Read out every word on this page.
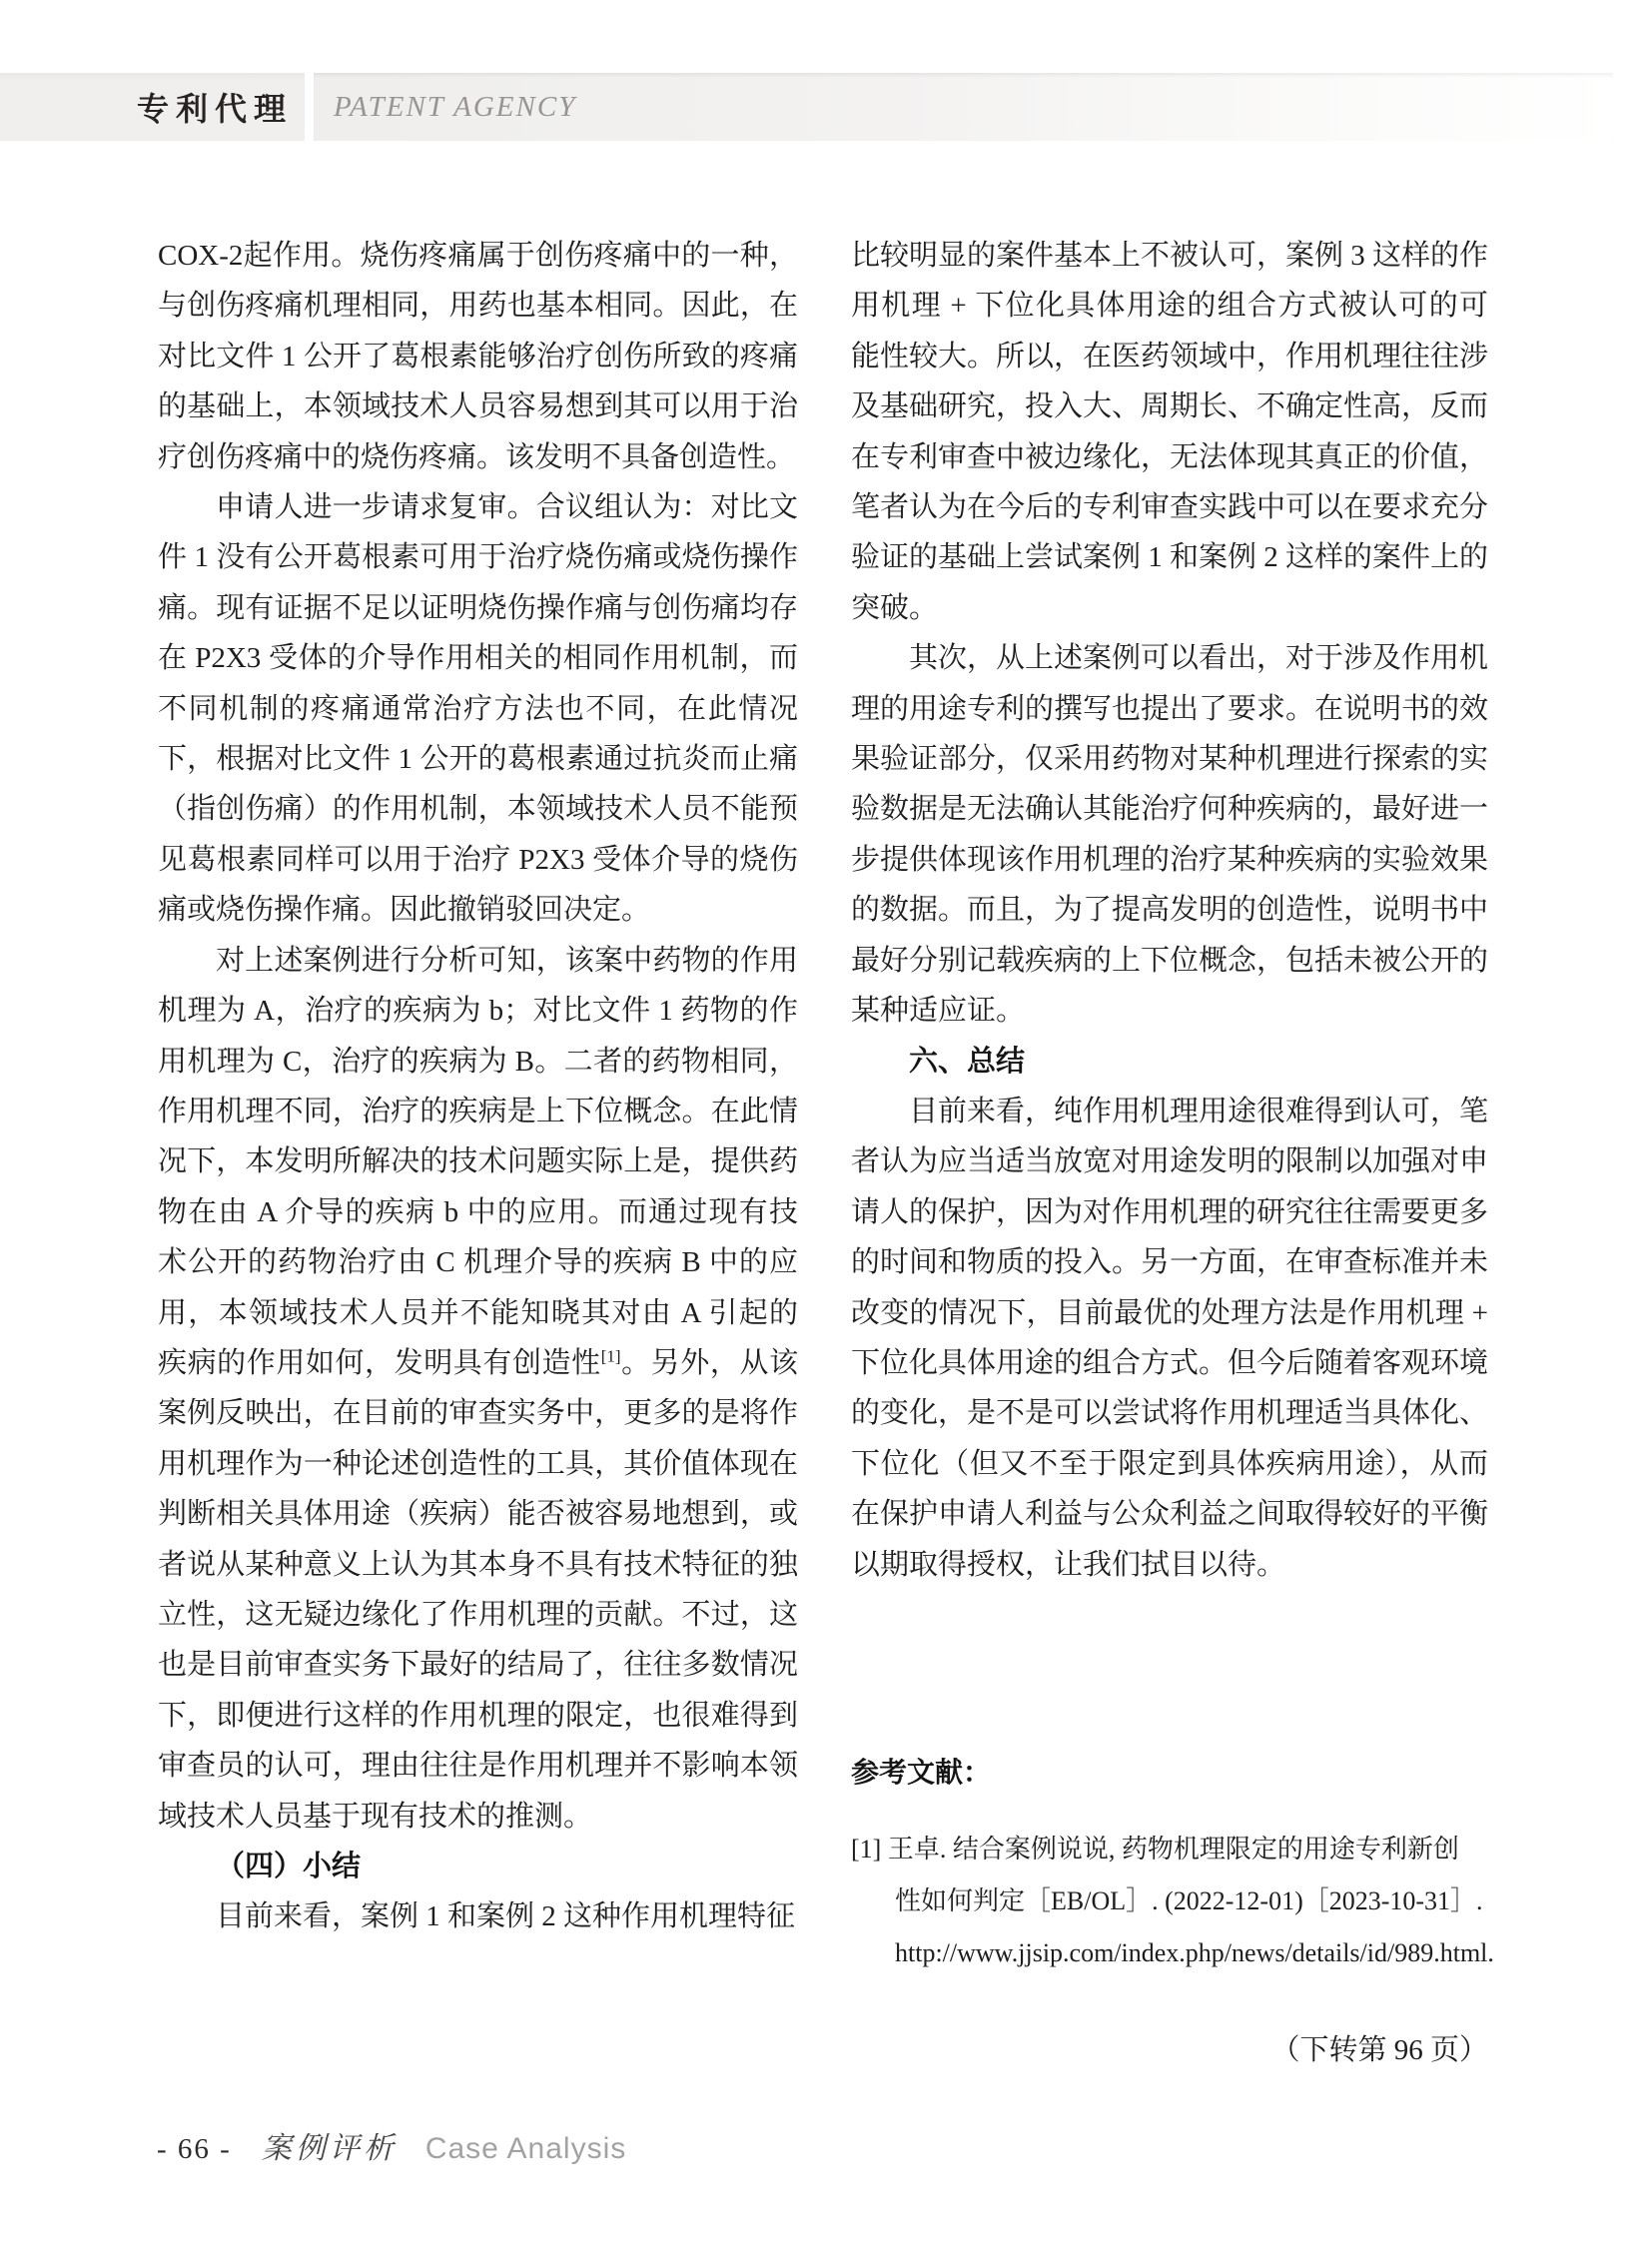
专利代理 PATENT AGENCY

COX-2起作用。烧伤疼痛属于创伤疼痛中的一种，与创伤疼痛机理相同，用药也基本相同。因此，在对比文件 1 公开了葛根素能够治疗创伤所致的疼痛的基础上，本领域技术人员容易想到其可以用于治疗创伤疼痛中的烧伤疼痛。该发明不具备创造性。

申请人进一步请求复审。合议组认为：对比文件 1 没有公开葛根素可用于治疗烧伤痛或烧伤操作痛。现有证据不足以证明烧伤操作痛与创伤痛均存在 P2X3 受体的介导作用相关的相同作用机制，而不同机制的疼痛通常治疗方法也不同，在此情况下，根据对比文件 1 公开的葛根素通过抗炎而止痛（指创伤痛）的作用机制，本领域技术人员不能预见葛根素同样可以用于治疗 P2X3 受体介导的烧伤痛或烧伤操作痛。因此撤销驳回决定。

对上述案例进行分析可知，该案中药物的作用机理为 A，治疗的疾病为 b；对比文件 1 药物的作用机理为 C，治疗的疾病为 B。二者的药物相同，作用机理不同，治疗的疾病是上下位概念。在此情况下，本发明所解决的技术问题实际上是，提供药物在由 A 介导的疾病 b 中的应用。而通过现有技术公开的药物治疗由 C 机理介导的疾病 B 中的应用，本领域技术人员并不能知晓其对由 A 引起的疾病的作用如何，发明具有创造性[1]。另外，从该案例反映出，在目前的审查实务中，更多的是将作用机理作为一种论述创造性的工具，其价值体现在判断相关具体用途（疾病）能否被容易地想到，或者说从某种意义上认为其本身不具有技术特征的独立性，这无疑边缘化了作用机理的贡献。不过，这也是目前审查实务下最好的结局了，往往多数情况下，即便进行这样的作用机理的限定，也很难得到审查员的认可，理由往往是作用机理并不影响本领域技术人员基于现有技术的推测。

（四）小结

目前来看，案例 1 和案例 2 这种作用机理特征

比较明显的案件基本上不被认可，案例 3 这样的作用机理 + 下位化具体用途的组合方式被认可的可能性较大。所以，在医药领域中，作用机理往往涉及基础研究，投入大、周期长、不确定性高，反而在专利审查中被边缘化，无法体现其真正的价值，笔者认为在今后的专利审查实践中可以在要求充分验证的基础上尝试案例 1 和案例 2 这样的案件上的突破。

其次，从上述案例可以看出，对于涉及作用机理的用途专利的撰写也提出了要求。在说明书的效果验证部分，仅采用药物对某种机理进行探索的实验数据是无法确认其能治疗何种疾病的，最好进一步提供体现该作用机理的治疗某种疾病的实验效果的数据。而且，为了提高发明的创造性，说明书中最好分别记载疾病的上下位概念，包括未被公开的某种适应证。

六、总结

目前来看，纯作用机理用途很难得到认可，笔者认为应当适当放宽对用途发明的限制以加强对申请人的保护，因为对作用机理的研究往往需要更多的时间和物质的投入。另一方面，在审查标准并未改变的情况下，目前最优的处理方法是作用机理 + 下位化具体用途的组合方式。但今后随着客观环境的变化，是不是可以尝试将作用机理适当具体化、下位化（但又不至于限定到具体疾病用途），从而在保护申请人利益与公众利益之间取得较好的平衡以期取得授权，让我们拭目以待。

参考文献：
[1] 王卓. 结合案例说说, 药物机理限定的用途专利新创
性如何判定［EB/OL］. (2022-12-01)［2023-10-31］.
http://www.jjsip.com/index.php/news/details/id/989.html.
（下转第 96 页）
- 66 - 案例评析 Case Analysis
